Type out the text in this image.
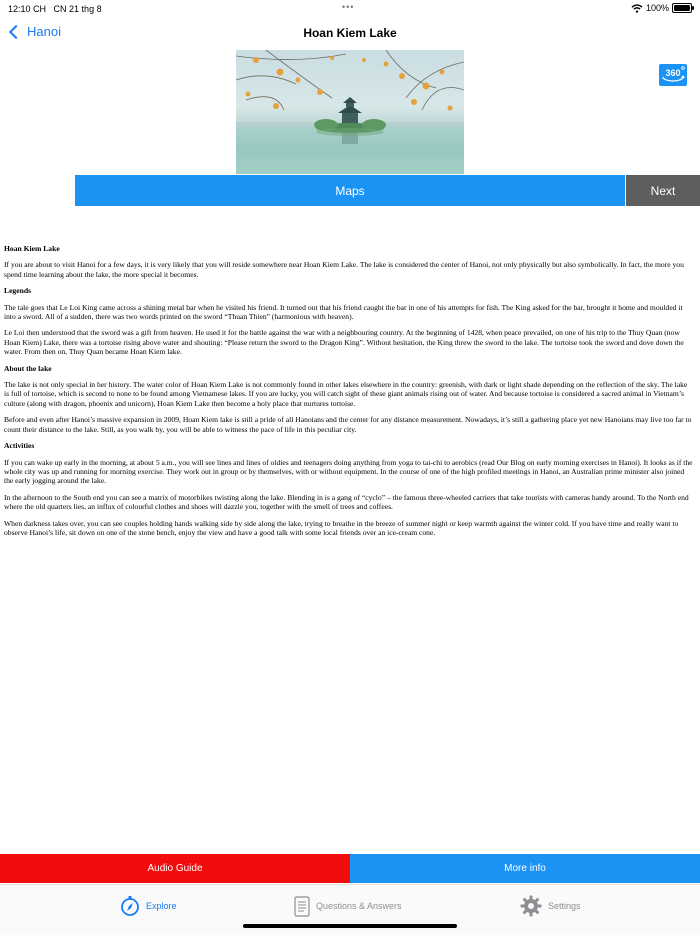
12:10 CH CN 21 thg 8	•••	100%
Hanoi	Hoan Kiem Lake
360
Maps	Next
Hoan Kiem Lake

If you are about to visit Hanoi for a few days, it is very likely that you will reside somewhere near Hoan Kiem Lake. The lake is considered the center of Hanoi, not only physically but also symbolically. In fact, the more you spend time learning about the lake, the more special it becomes.

Legends

The tale goes that Le Loi King came across a shining metal bar when he visited his friend. It turned out that his friend caught the bar in one of his attempts for fish. The King asked for the bar, brought it home and moulded it into a sword. All of a sudden, there was two words printed on the sword “Thuan Thien” (harmonious with heaven).

Le Loi then understood that the sword was a gift from heaven. He used it for the battle against the war with a neighbouring country. At the beginning of 1428, when peace prevailed, on one of his trip to the Thuy Quan (now Hoan Kiem) Lake, there was a tortoise rising above water and shouting: “Please return the sword to the Dragon King”. Without hesitation, the King threw the sword to the lake. The tortoise took the sword and dove down the water. From then on, Thuy Quan became Hoan Kiem lake.

About the lake

The lake is not only special in her history. The water color of Hoan Kiem Lake is not commonly found in other lakes elsewhere in the country: greenish, with dark or light shade depending on the reflection of the sky. The lake is full of tortoise, which is second to none to be found among Vietnamese lakes. If you are lucky, you will catch sight of these giant animals rising out of water. And because tortoise is considered a sacred animal in Vietnam’s culture (along with dragon, phoenix and unicorn), Hoan Kiem Lake then become a holy place that nurtures tortoise.

Before and even after Hanoi’s massive expansion in 2009, Hoan Kiem lake is still a pride of all Hanoians and the center for any distance measurement. Nowadays, it’s still a gathering place yet new Hanoians may live too far to count their distance to the lake. Still, as you walk by, you will be able to witness the pace of life in this peculiar city.

Activities

If you can wake up early in the morning, at about 5 a.m., you will see lines and lines of oldies and teenagers doing anything from yoga to tai-chi to aerobics (read Our Blog on early morning exercises in Hanoi). It looks as if the whole city was up and running for morning exercise. They work out in group or by themselves, with or without equipment. In the course of one of the high profiled meetings in Hanoi, an Australian prime minister also joined the early jogging around the lake.

In the afternoon to the South end you can see a matrix of motorbikes twisting along the lake. Blending in is a gang of “cyclo” – the famous three-wheeled carriers that take tourists with cameras handy around. To the North end where the old quarters lies, an influx of colourful clothes and shoes will dazzle you, together with the smell of trees and coffees.

When darkness takes over, you can see couples holding hands walking side by side along the lake, trying to breathe in the breeze of summer night or keep warmth against the winter cold. If you have time and really want to observe Hanoi’s life, sit down on one of the stone bench, enjoy the view and have a good talk with some local friends over an ice-cream cone.

Audio Guide	More info
Explore	Questions & Answers	Settings
